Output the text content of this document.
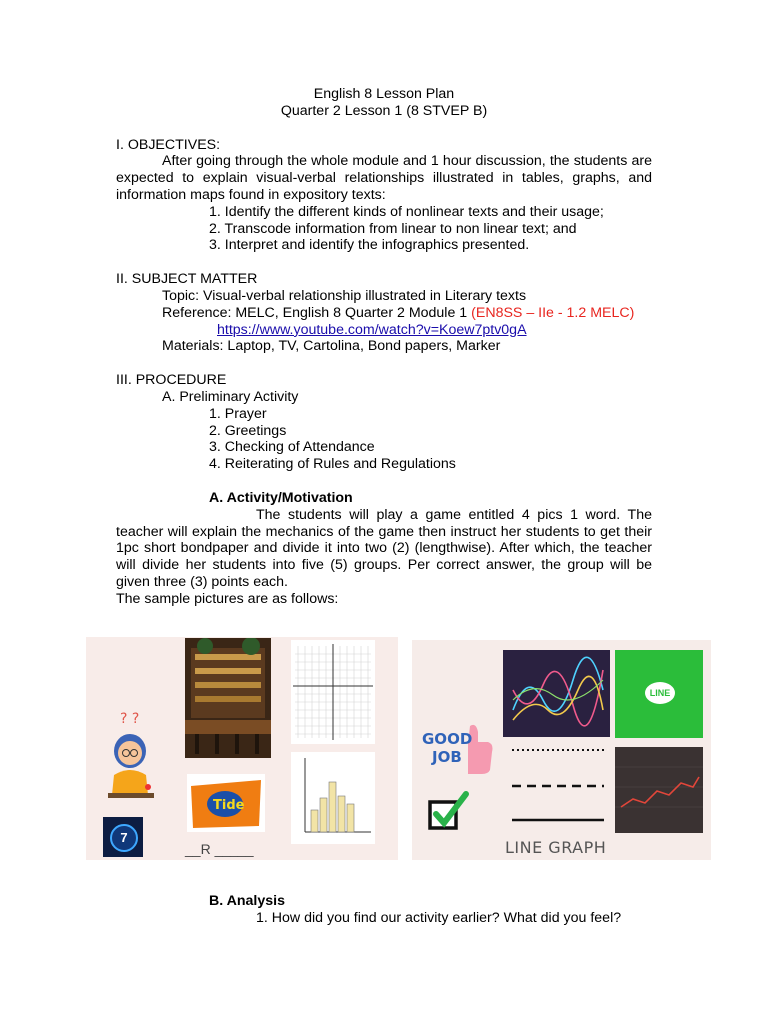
English 8 Lesson Plan
Quarter 2 Lesson 1 (8 STVEP B)
I. OBJECTIVES:
After going through the whole module and 1 hour discussion, the students are expected to explain visual-verbal relationships illustrated in tables, graphs, and information maps found in expository texts:
1. Identify the different kinds of nonlinear texts and their usage;
2. Transcode information from linear to non linear text; and
3. Interpret and identify the infographics presented.
II. SUBJECT MATTER
Topic: Visual-verbal relationship illustrated in Literary texts
Reference: MELC, English 8 Quarter 2 Module 1 (EN8SS – IIe - 1.2 MELC)
https://www.youtube.com/watch?v=Koew7ptv0gA
Materials: Laptop, TV, Cartolina, Bond papers, Marker
III. PROCEDURE
A. Preliminary Activity
1. Prayer
2. Greetings
3. Checking of Attendance
4. Reiterating of Rules and Regulations
A. Activity/Motivation
The students will play a game entitled 4 pics 1 word. The teacher will explain the mechanics of the game then instruct her students to get their 1pc short bondpaper and divide it into two (2) (lengthwise). After which, the teacher will divide her students into five (5) groups. Per correct answer, the group will be given three (3) points each.
The sample pictures are as follows:
? ?
7
Tide
__R _____
GOOD
JOB
LINE GRAPH
LINE
B. Analysis
1. How did you find our activity earlier? What did you feel?
